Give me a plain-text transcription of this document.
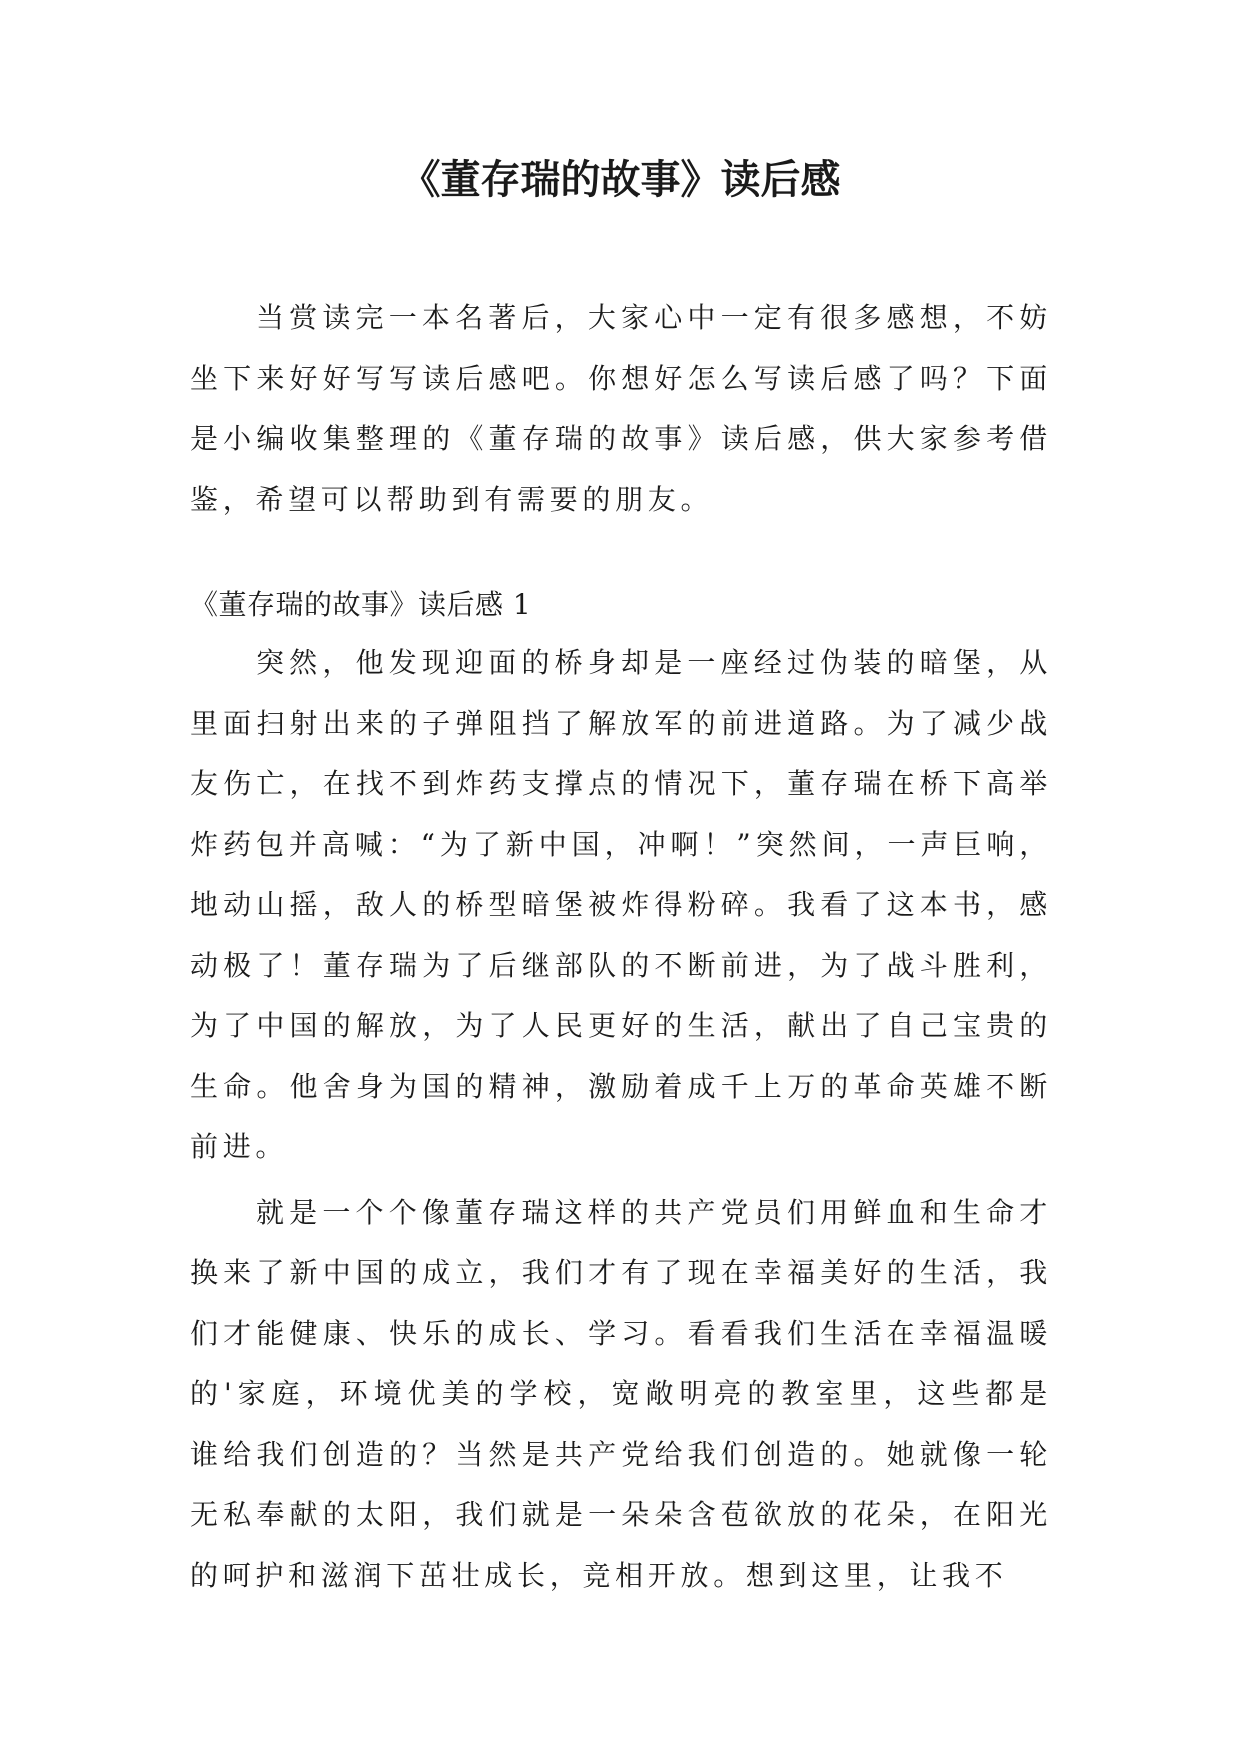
《董存瑞的故事》读后感

当赏读完一本名著后，大家心中一定有很多感想，不妨坐下来好好写写读后感吧。你想好怎么写读后感了吗？下面是小编收集整理的《董存瑞的故事》读后感，供大家参考借鉴，希望可以帮助到有需要的朋友。

《董存瑞的故事》读后感 1

突然，他发现迎面的桥身却是一座经过伪装的暗堡，从里面扫射出来的子弹阻挡了解放军的前进道路。为了减少战友伤亡，在找不到炸药支撑点的情况下，董存瑞在桥下高举炸药包并高喊：“为了新中国，冲啊！”突然间，一声巨响，地动山摇，敌人的桥型暗堡被炸得粉碎。我看了这本书，感动极了！董存瑞为了后继部队的不断前进，为了战斗胜利，为了中国的解放，为了人民更好的生活，献出了自己宝贵的生命。他舍身为国的精神，激励着成千上万的革命英雄不断前进。

就是一个个像董存瑞这样的共产党员们用鲜血和生命才换来了新中国的成立，我们才有了现在幸福美好的生活，我们才能健康、快乐的成长、学习。看看我们生活在幸福温暖的'家庭，环境优美的学校，宽敞明亮的教室里，这些都是谁给我们创造的？当然是共产党给我们创造的。她就像一轮无私奉献的太阳，我们就是一朵朵含苞欲放的花朵，在阳光的呵护和滋润下茁壮成长，竞相开放。想到这里，让我不
